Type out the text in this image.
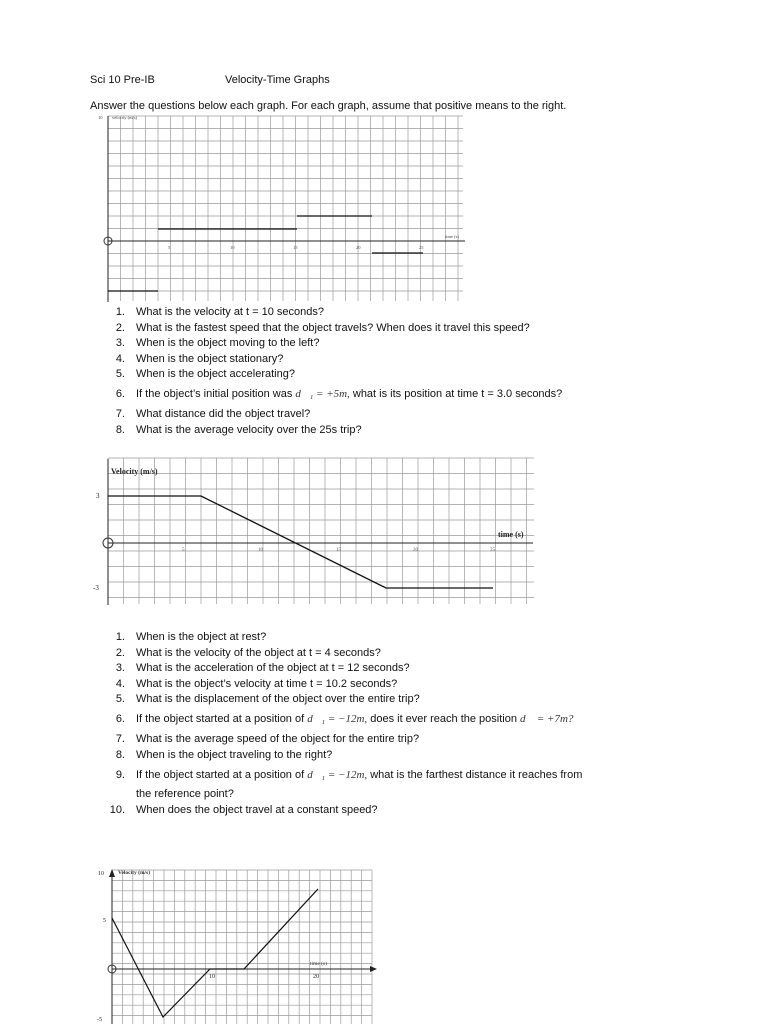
Sci 10 Pre-IB	Velocity-Time Graphs
Answer the questions below each graph. For each graph, assume that positive means to the right.
10 velocity (m/s)
time (s)
5	10	15	20	25
1. What is the velocity at t = 10 seconds?
2. What is the fastest speed that the object travels? When does it travel this speed?
3. When is the object moving to the left?
4. When is the object stationary?
5. When is the object accelerating?
6. If the object’s initial position was d⃗₁ = +5m, what is its position at time t = 3.0 seconds?
7. What distance did the object travel?
8. What is the average velocity over the 25s trip?
Velocity (m/s)
time (s)
3
-3
5	10	15	20	25
1. When is the object at rest?
2. What is the velocity of the object at t = 4 seconds?
3. What is the acceleration of the object at t = 12 seconds?
4. What is the object’s velocity at time t = 10.2 seconds?
5. What is the displacement of the object over the entire trip?
6. If the object started at a position of d⃗₁ = −12m, does it ever reach the position d⃗ = +7m?
7. What is the average speed of the object for the entire trip?
8. When is the object traveling to the right?
9. If the object started at a position of d⃗₁ = −12m, what is the farthest distance it reaches from
the reference point?
10. When does the object travel at a constant speed?
Velocity (m/s)
time (s)
10
5
-5
10	20
